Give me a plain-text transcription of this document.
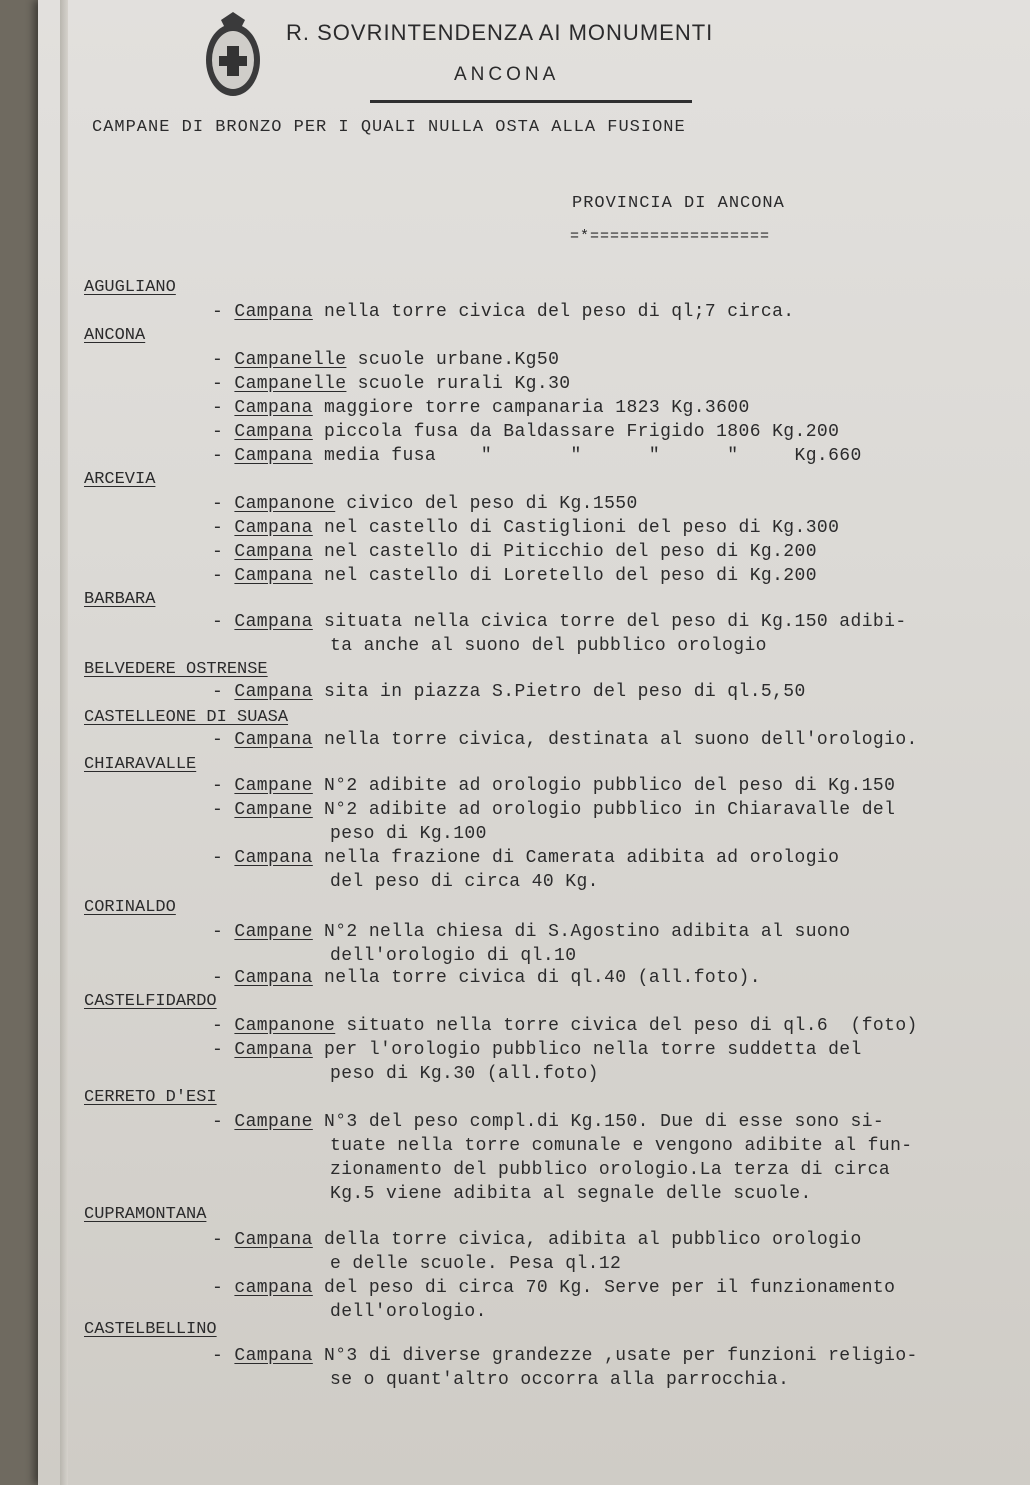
R. SOVRINTENDENZA AI MONUMENTI
ANCONA
CAMPANE DI BRONZO PER I QUALI NULLA OSTA ALLA FUSIONE
PROVINCIA DI ANCONA
=*==================
AGUGLIANO
- Campana nella torre civica del peso di ql;7 circa.
ANCONA
- Campanelle scuole urbane.Kg50
- Campanelle scuole rurali Kg.30
- Campana maggiore torre campanaria 1823 Kg.3600
- Campana piccola fusa da Baldassare Frigido 1806 Kg.200
- Campana media fusa    "       "      "      "     Kg.660
ARCEVIA
- Campanone civico del peso di Kg.1550
- Campana nel castello di Castiglioni del peso di Kg.300
- Campana nel castello di Piticchio del peso di Kg.200
- Campana nel castello di Loretello del peso di Kg.200
BARBARA
- Campana situata nella civica torre del peso di Kg.150 adibi-
ta anche al suono del pubblico orologio
BELVEDERE OSTRENSE
- Campana sita in piazza S.Pietro del peso di ql.5,50
CASTELLEONE DI SUASA
- Campana nella torre civica, destinata al suono dell'orologio.
CHIARAVALLE
- Campane N°2 adibite ad orologio pubblico del peso di Kg.150
- Campane N°2 adibite ad orologio pubblico in Chiaravalle del
peso di Kg.100
- Campana nella frazione di Camerata adibita ad orologio
del peso di circa 40 Kg.
CORINALDO
- Campane N°2 nella chiesa di S.Agostino adibita al suono
dell'orologio di ql.10
- Campana nella torre civica di ql.40 (all.foto).
CASTELFIDARDO
- Campanone situato nella torre civica del peso di ql.6  (foto)
- Campana per l'orologio pubblico nella torre suddetta del
peso di Kg.30 (all.foto)
CERRETO D'ESI
- Campane N°3 del peso compl.di Kg.150. Due di esse sono si-
tuate nella torre comunale e vengono adibite al fun-
zionamento del pubblico orologio.La terza di circa
Kg.5 viene adibita al segnale delle scuole.
CUPRAMONTANA
- Campana della torre civica, adibita al pubblico orologio
e delle scuole. Pesa ql.12
- campana del peso di circa 70 Kg. Serve per il funzionamento
dell'orologio.
CASTELBELLINO
- Campana N°3 di diverse grandezze ,usate per funzioni religio-
se o quant'altro occorra alla parrocchia.
